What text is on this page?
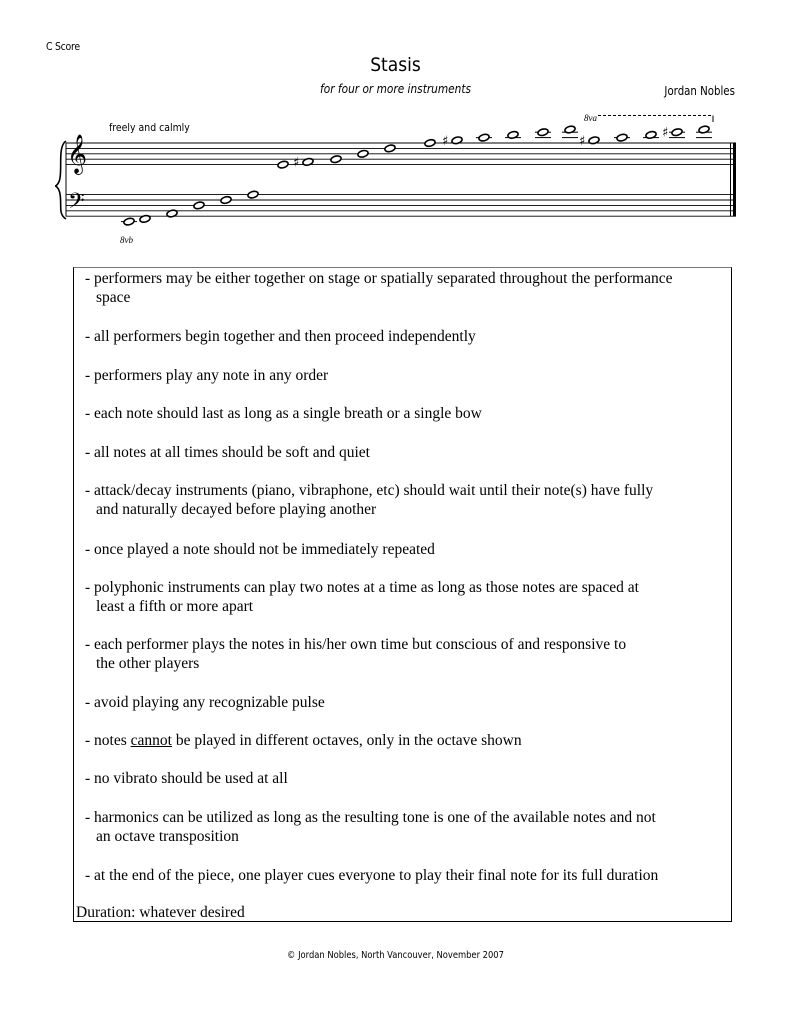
C Score
Stasis
for four or more instruments	Jordan Nobles
freely and calmly
𝄞
𝄢
♯
♯	♯
♯
8va
8vb
- performers may be either together on stage or spatially separated throughout the performance
space
- all performers begin together and then proceed independently
- performers play any note in any order
- each note should last as long as a single breath or a single bow
- all notes at all times should be soft and quiet
- attack/decay instruments (piano, vibraphone, etc) should wait until their note(s) have fully
and naturally decayed before playing another
- once played a note should not be immediately repeated
- polyphonic instruments can play two notes at a time as long as those notes are spaced at
least a fifth or more apart
- each performer plays the notes in his/her own time but conscious of and responsive to
the other players
- avoid playing any recognizable pulse
- notes cannot be played in different octaves, only in the octave shown
- no vibrato should be used at all
- harmonics can be utilized as long as the resulting tone is one of the available notes and not
an octave transposition
- at the end of the piece, one player cues everyone to play their final note for its full duration
Duration: whatever desired
© Jordan Nobles, North Vancouver, November 2007
